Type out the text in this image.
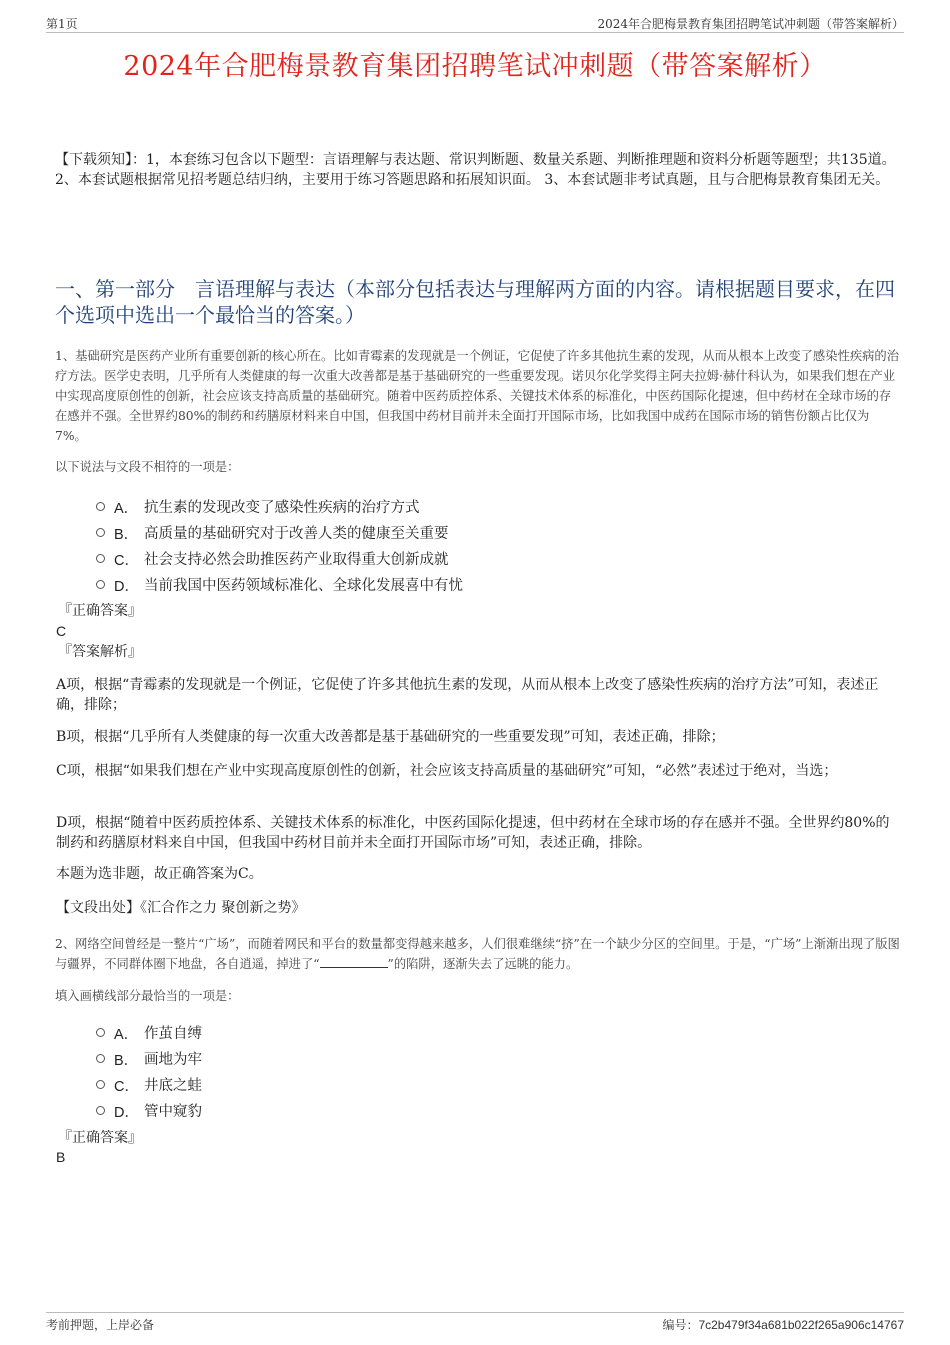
第1页	2024年合肥梅景教育集团招聘笔试冲刺题（带答案解析）
2024年合肥梅景教育集团招聘笔试冲刺题（带答案解析）
【下载须知】：1，本套练习包含以下题型：言语理解与表达题、常识判断题、数量关系题、判断推理题和资料分析题等题型；共135道。 2、本套试题根据常见招考题总结归纳，主要用于练习答题思路和拓展知识面。 3、本套试题非考试真题，且与合肥梅景教育集团无关。
一、第一部分　言语理解与表达（本部分包括表达与理解两方面的内容。请根据题目要求，在四个选项中选出一个最恰当的答案。）
1、基础研究是医药产业所有重要创新的核心所在。比如青霉素的发现就是一个例证，它促使了许多其他抗生素的发现，从而从根本上改变了感染性疾病的治疗方法。医学史表明，几乎所有人类健康的每一次重大改善都是基于基础研究的一些重要发现。诺贝尔化学奖得主阿夫拉姆·赫什科认为，如果我们想在产业中实现高度原创性的创新，社会应该支持高质量的基础研究。随着中医药质控体系、关键技术体系的标准化，中医药国际化提速，但中药材在全球市场的存在感并不强。全世界约80%的制药和药膳原材料来自中国，但我国中药材目前并未全面打开国际市场，比如我国中成药在国际市场的销售份额占比仅为7%。
以下说法与文段不相符的一项是：
A． 抗生素的发现改变了感染性疾病的治疗方式
B． 高质量的基础研究对于改善人类的健康至关重要
C． 社会支持必然会助推医药产业取得重大创新成就
D． 当前我国中医药领域标准化、全球化发展喜中有忧
『正确答案』
C
『答案解析』
A项，根据“青霉素的发现就是一个例证，它促使了许多其他抗生素的发现，从而从根本上改变了感染性疾病的治疗方法”可知，表述正确，排除；
B项，根据“几乎所有人类健康的每一次重大改善都是基于基础研究的一些重要发现”可知，表述正确，排除；
C项，根据“如果我们想在产业中实现高度原创性的创新，社会应该支持高质量的基础研究”可知，“必然”表述过于绝对，当选；
D项，根据“随着中医药质控体系、关键技术体系的标准化，中医药国际化提速，但中药材在全球市场的存在感并不强。全世界约80%的制药和药膳原材料来自中国，但我国中药材目前并未全面打开国际市场”可知，表述正确，排除。
本题为选非题，故正确答案为C。
【文段出处】《汇合作之力 聚创新之势》
2、网络空间曾经是一整片“广场”，而随着网民和平台的数量都变得越来越多，人们很难继续“挤”在一个缺少分区的空间里。于是，“广场”上渐渐出现了版图与疆界，不同群体圈下地盘，各自逍遥，掉进了“	”的陷阱，逐渐失去了远眺的能力。
填入画横线部分最恰当的一项是：
A． 作茧自缚
B． 画地为牢
C． 井底之蛙
D． 管中窥豹
『正确答案』
B
考前押题，上岸必备	编号：7c2b479f34a681b022f265a906c14767
